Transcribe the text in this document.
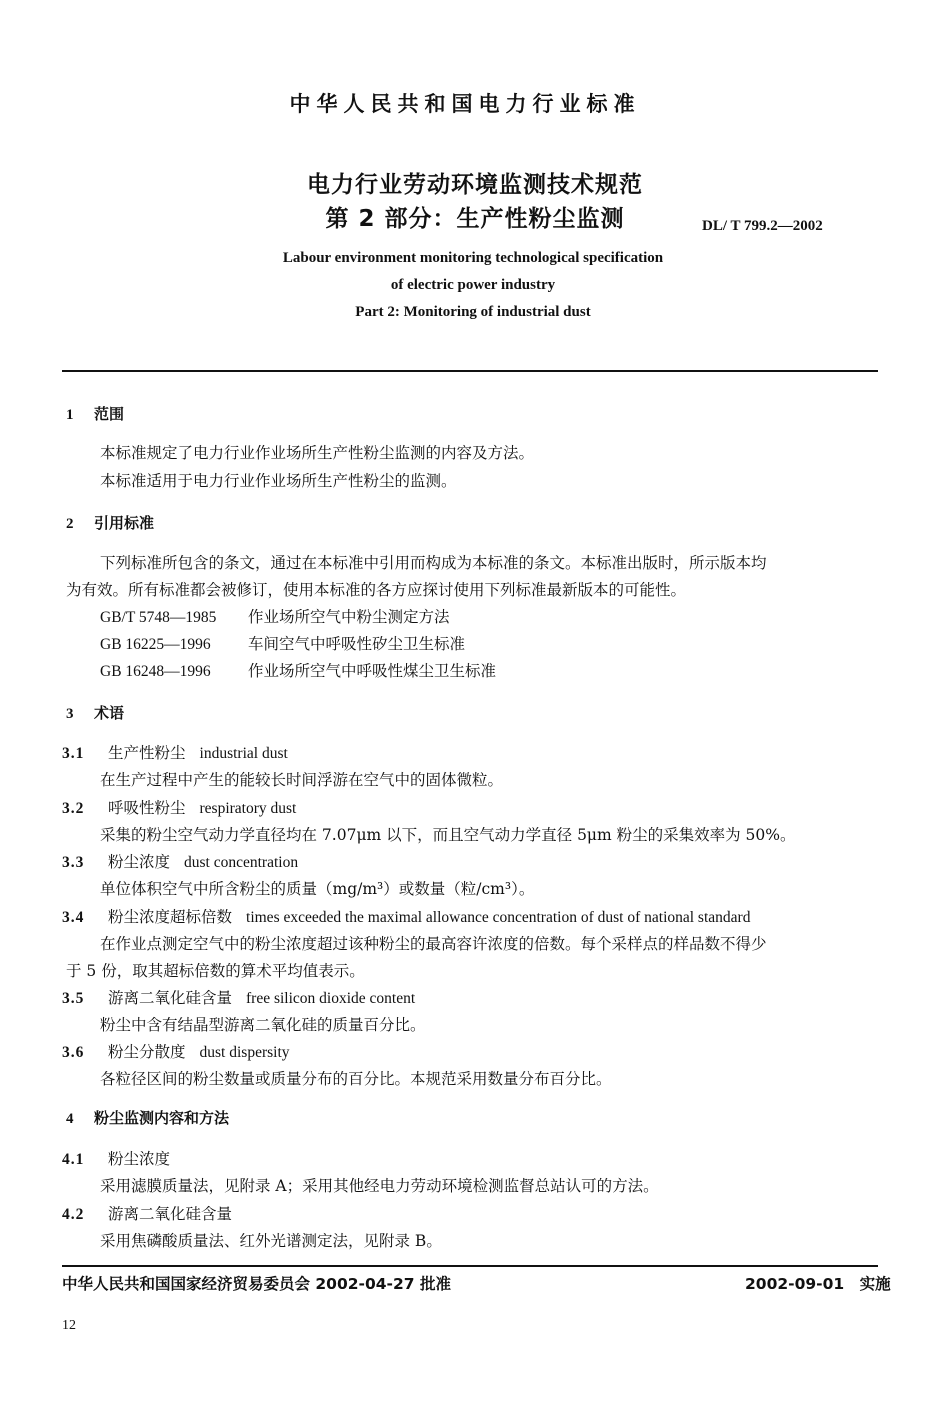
中华人民共和国电力行业标准
电力行业劳动环境监测技术规范
第 2 部分：生产性粉尘监测	DL/ T 799.2—2002
Labour environment monitoring technological specification
of electric power industry
Part 2: Monitoring of industrial dust
1 范围
本标准规定了电力行业作业场所生产性粉尘监测的内容及方法。
本标准适用于电力行业作业场所生产性粉尘的监测。
2 引用标准
下列标准所包含的条文，通过在本标准中引用而构成为本标准的条文。本标准出版时，所示版本均
为有效。所有标准都会被修订，使用本标准的各方应探讨使用下列标准最新版本的可能性。
GB/T 5748—1985 作业场所空气中粉尘测定方法
GB 16225—1996 车间空气中呼吸性矽尘卫生标准
GB 16248—1996 作业场所空气中呼吸性煤尘卫生标准
3 术语
3.1 生产性粉尘 industrial dust
在生产过程中产生的能较长时间浮游在空气中的固体微粒。
3.2 呼吸性粉尘 respiratory dust
采集的粉尘空气动力学直径均在 7.07μm 以下，而且空气动力学直径 5μm 粉尘的采集效率为 50%。
3.3 粉尘浓度 dust concentration
单位体积空气中所含粉尘的质量（mg/m³）或数量（粒/cm³）。
3.4 粉尘浓度超标倍数 times exceeded the maximal allowance concentration of dust of national standard
在作业点测定空气中的粉尘浓度超过该种粉尘的最高容许浓度的倍数。每个采样点的样品数不得少
于 5 份，取其超标倍数的算术平均值表示。
3.5 游离二氧化硅含量 free silicon dioxide content
粉尘中含有结晶型游离二氧化硅的质量百分比。
3.6 粉尘分散度 dust dispersity
各粒径区间的粉尘数量或质量分布的百分比。本规范采用数量分布百分比。
4 粉尘监测内容和方法
4.1 粉尘浓度
采用滤膜质量法，见附录 A；采用其他经电力劳动环境检测监督总站认可的方法。
4.2 游离二氧化硅含量
采用焦磷酸质量法、红外光谱测定法，见附录 B。
中华人民共和国国家经济贸易委员会 2002-04-27 批准	2002-09-01　实施
12
